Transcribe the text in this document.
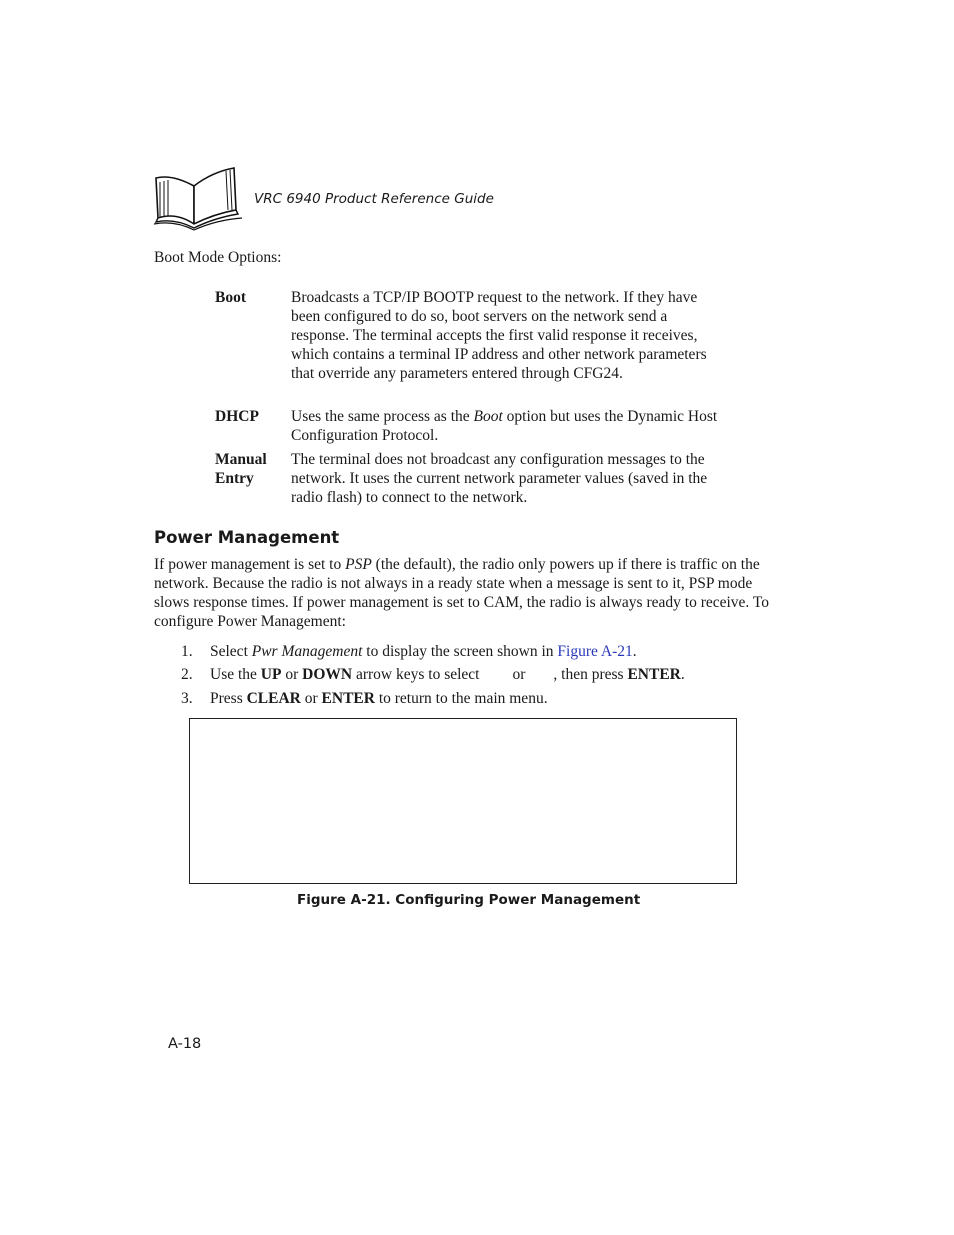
VRC 6940 Product Reference Guide
Boot Mode Options:
Boot	Broadcasts a TCP/IP BOOTP request to the network. If they have been configured to do so, boot servers on the network send a response. The terminal accepts the first valid response it receives, which contains a terminal IP address and other network parameters that override any parameters entered through CFG24.
DHCP Uses the same process as the Boot option but uses the Dynamic Host Configuration Protocol.
Manual
Entry
The terminal does not broadcast any configuration messages to the network. It uses the current network parameter values (saved in the radio flash) to connect to the network.
Power Management
If power management is set to PSP (the default), the radio only powers up if there is traffic on the network. Because the radio is not always in a ready state when a message is sent to it, PSP mode slows response times. If power management is set to CAM, the radio is always ready to receive. To configure Power Management:
1. Select Pwr Management to display the screen shown in Figure A-21.
2. Use the UP or DOWN arrow keys to select or , then press ENTER.
3. Press CLEAR or ENTER to return to the main menu.
Figure A-21. Configuring Power Management
A-18
